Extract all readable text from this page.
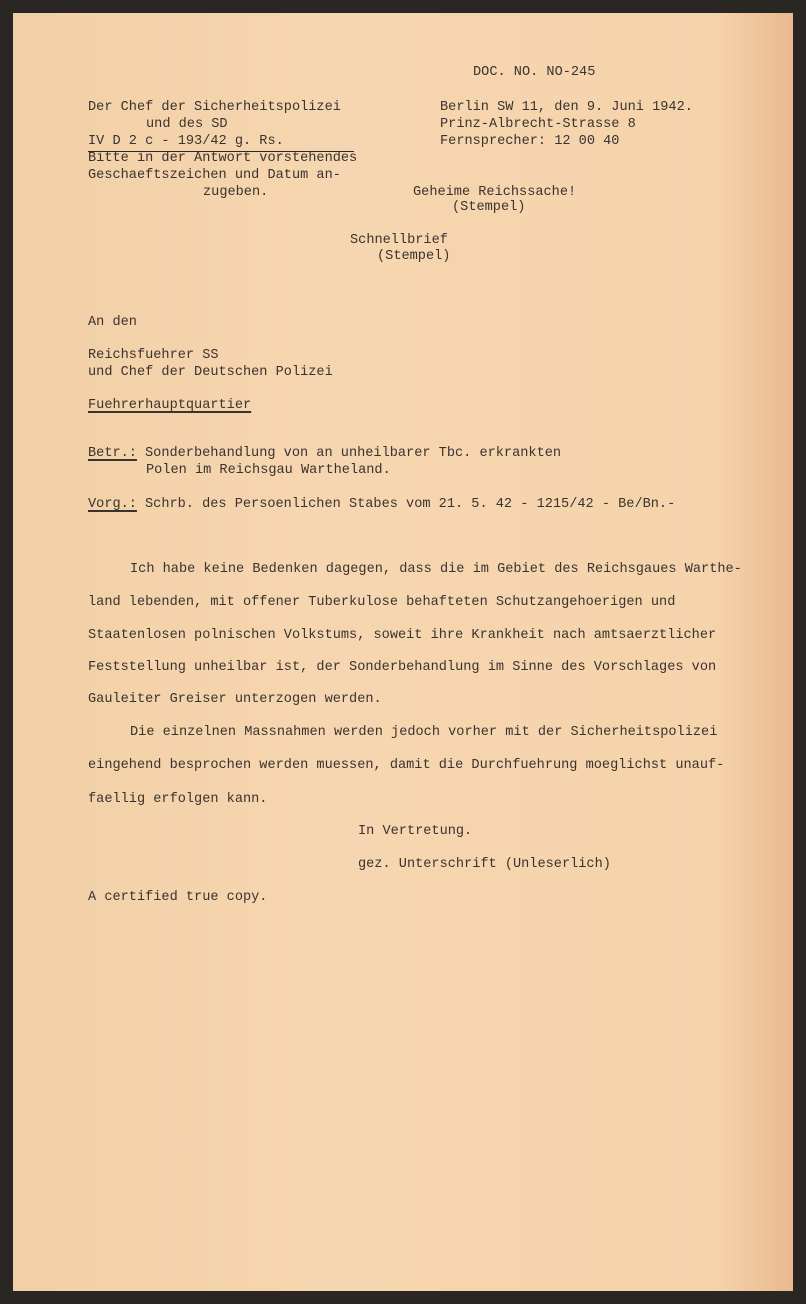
DOC. NO. NO-245
Der Chef der Sicherheitspolizei
und des SD
IV D 2 c - 193/42 g. Rs.
Bitte in der Antwort vorstehendes
Geschaeftszeichen und Datum an-
zugeben.
Berlin SW 11, den 9. Juni 1942.
Prinz-Albrecht-Strasse 8
Fernsprecher: 12 00 40
Geheime Reichssache!
(Stempel)
Schnellbrief
(Stempel)
An den
Reichsfuehrer SS
und Chef der Deutschen Polizei
Fuehrerhauptquartier
Betr.: Sonderbehandlung von an unheilbarer Tbc. erkrankten
Polen im Reichsgau Wartheland.
Vorg.: Schrb. des Persoenlichen Stabes vom 21. 5. 42 - 1215/42 - Be/Bn.-
Ich habe keine Bedenken dagegen, dass die im Gebiet des Reichsgaues Warthe-
land lebenden, mit offener Tuberkulose behafteten Schutzangehoerigen und
Staatenlosen polnischen Volkstums, soweit ihre Krankheit nach amtsaerztlicher
Feststellung unheilbar ist, der Sonderbehandlung im Sinne des Vorschlages von
Gauleiter Greiser unterzogen werden.
Die einzelnen Massnahmen werden jedoch vorher mit der Sicherheitspolizei
eingehend besprochen werden muessen, damit die Durchfuehrung moeglichst unauf-
faellig erfolgen kann.
In Vertretung.
gez. Unterschrift (Unleserlich)
A certified true copy.
